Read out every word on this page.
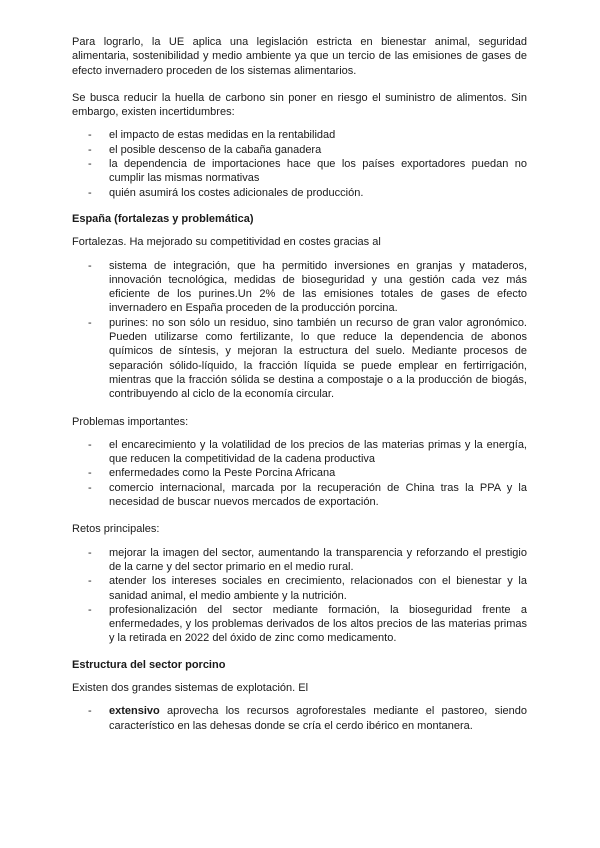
Para lograrlo, la UE aplica una legislación estricta en bienestar animal, seguridad alimentaria, sostenibilidad y medio ambiente ya que un tercio de las emisiones de gases de efecto invernadero proceden de los sistemas alimentarios.

Se busca reducir la huella de carbono sin poner en riesgo el suministro de alimentos. Sin embargo, existen incertidumbres:

- el impacto de estas medidas en la rentabilidad
- el posible descenso de la cabaña ganadera
- la dependencia de importaciones hace que los países exportadores puedan no cumplir las mismas normativas
- quién asumirá los costes adicionales de producción.

España (fortalezas y problemática)

Fortalezas. Ha mejorado su competitividad en costes gracias al

- sistema de integración, que ha permitido inversiones en granjas y mataderos, innovación tecnológica, medidas de bioseguridad y una gestión cada vez más eficiente de los purines.Un 2% de las emisiones totales de gases de efecto invernadero en España proceden de la producción porcina.
- purines: no son sólo un residuo, sino también un recurso de gran valor agronómico. Pueden utilizarse como fertilizante, lo que reduce la dependencia de abonos químicos de síntesis, y mejoran la estructura del suelo. Mediante procesos de separación sólido-líquido, la fracción líquida se puede emplear en fertirrigación, mientras que la fracción sólida se destina a compostaje o a la producción de biogás, contribuyendo al ciclo de la economía circular.

Problemas importantes:

- el encarecimiento y la volatilidad de los precios de las materias primas y la energía, que reducen la competitividad de la cadena productiva
- enfermedades como la Peste Porcina Africana
- comercio internacional, marcada por la recuperación de China tras la PPA y la necesidad de buscar nuevos mercados de exportación.

Retos principales:

- mejorar la imagen del sector, aumentando la transparencia y reforzando el prestigio de la carne y del sector primario en el medio rural.
- atender los intereses sociales en crecimiento, relacionados con el bienestar y la sanidad animal, el medio ambiente y la nutrición.
- profesionalización del sector mediante formación, la bioseguridad frente a enfermedades, y los problemas derivados de los altos precios de las materias primas y la retirada en 2022 del óxido de zinc como medicamento.

Estructura del sector porcino

Existen dos grandes sistemas de explotación. El

- extensivo aprovecha los recursos agroforestales mediante el pastoreo, siendo característico en las dehesas donde se cría el cerdo ibérico en montanera.
